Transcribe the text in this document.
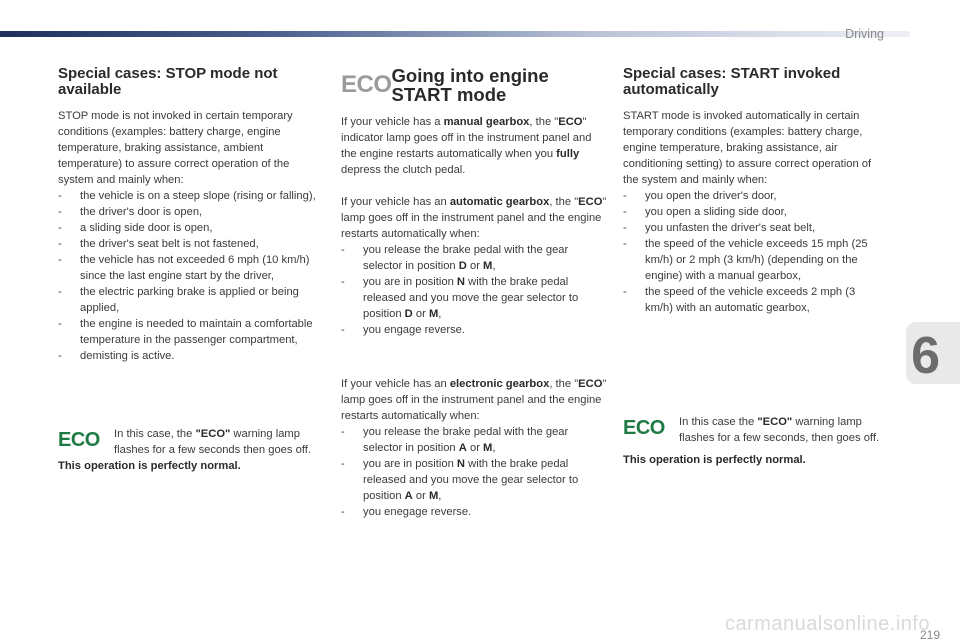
Driving
6
carmanualsonline.info
219
Special cases: STOP mode not available

STOP mode is not invoked in certain temporary conditions (examples: battery charge, engine temperature, braking assistance, ambient temperature) to assure correct operation of the system and mainly when:

- the vehicle is on a steep slope (rising or falling),
- the driver's door is open,
- a sliding side door is open,
- the driver's seat belt is not fastened,
- the vehicle has not exceeded 6 mph (10 km/h) since the last engine start by the driver,
- the electric parking brake is applied or being applied,
- the engine is needed to maintain a comfortable temperature in the passenger compartment,
- demisting is active.
ECO	In this case, the "ECO" warning lamp flashes for a few seconds then goes off.

This operation is perfectly normal.

ECO Going into engine START mode

If your vehicle has a manual gearbox, the "ECO" indicator lamp goes off in the instrument panel and the engine restarts automatically when you fully depress the clutch pedal.

If your vehicle has an automatic gearbox, the "ECO" lamp goes off in the instrument panel and the engine restarts automatically when:

- you release the brake pedal with the gear selector in position D or M,
- you are in position N with the brake pedal released and you move the gear selector to position D or M,
- you engage reverse.

If your vehicle has an electronic gearbox, the "ECO" lamp goes off in the instrument panel and the engine restarts automatically when:

- you release the brake pedal with the gear selector in position A or M,
- you are in position N with the brake pedal released and you move the gear selector to position A or M,
- you enegage reverse.
Special cases: START invoked automatically

START mode is invoked automatically in certain temporary conditions (examples: battery charge, engine temperature, braking assistance, air conditioning setting) to assure correct operation of the system and mainly when:

- you open the driver's door,
- you open a sliding side door,
- you unfasten the driver's seat belt,
- the speed of the vehicle exceeds 15 mph (25 km/h) or 2 mph (3 km/h) (depending on the engine) with a manual gearbox,
- the speed of the vehicle exceeds 2 mph (3 km/h) with an automatic gearbox,
ECO	In this case the "ECO" warning lamp flashes for a few seconds, then goes off.

This operation is perfectly normal.
